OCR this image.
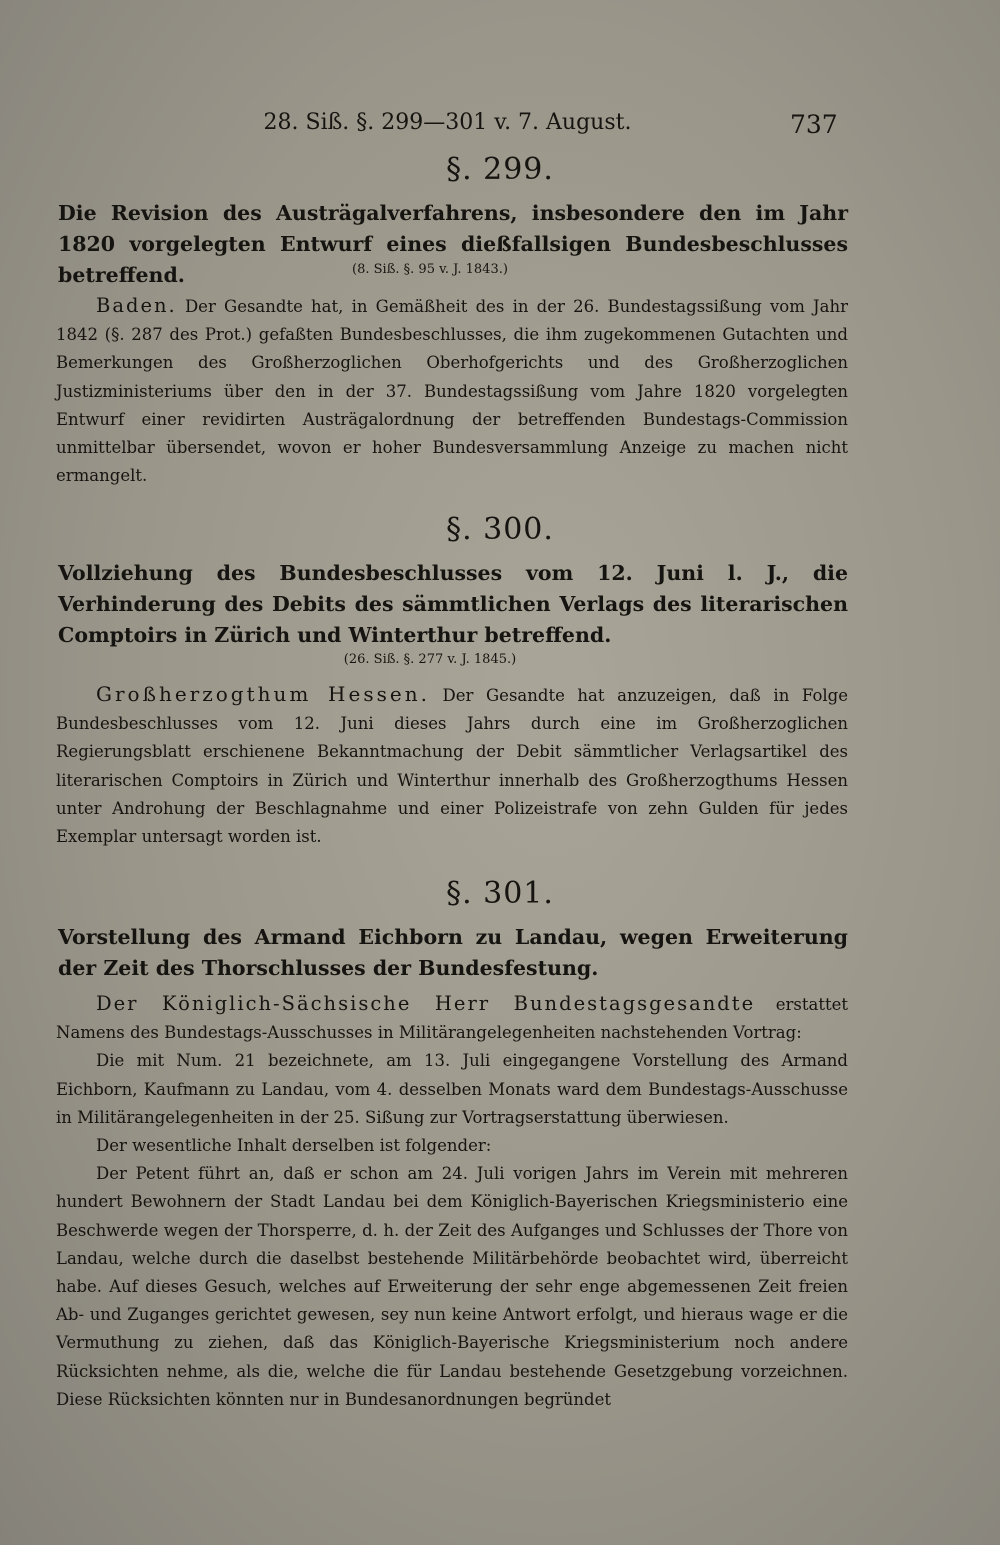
28. Siß. §. 299—301 v. 7. August.	737
§. 299.
Die Revision des Austrägalverfahrens, insbesondere den im Jahr 1820 vorgelegten Entwurf eines dießfallsigen Bundesbeschlusses betreffend.	(8. Siß. §. 95 v. J. 1843.)

Baden. Der Gesandte hat, in Gemäßheit des in der 26. Bundestagssißung vom Jahr 1842 (§. 287 des Prot.) gefaßten Bundesbeschlusses, die ihm zugekommenen Gutachten und Bemerkungen des Großherzoglichen Oberhofgerichts und des Großherzoglichen Justizministeriums über den in der 37. Bundestagssißung vom Jahre 1820 vorgelegten Entwurf einer revidirten Austrägalordnung der betreffenden Bundestags-Commission unmittelbar übersendet, wovon er hoher Bundesversammlung Anzeige zu machen nicht ermangelt.

§. 300.
Vollziehung des Bundesbeschlusses vom 12. Juni l. J., die Verhinderung des Debits des sämmtlichen Verlags des literarischen Comptoirs in Zürich und Winterthur betreffend.
(26. Siß. §. 277 v. J. 1845.)

Großherzogthum Hessen. Der Gesandte hat anzuzeigen, daß in Folge Bundesbeschlusses vom 12. Juni dieses Jahrs durch eine im Großherzoglichen Regierungsblatt erschienene Bekanntmachung der Debit sämmtlicher Verlagsartikel des literarischen Comptoirs in Zürich und Winterthur innerhalb des Großherzogthums Hessen unter Androhung der Beschlagnahme und einer Polizeistrafe von zehn Gulden für jedes Exemplar untersagt worden ist.

§. 301.
Vorstellung des Armand Eichborn zu Landau, wegen Erweiterung der Zeit des Thorschlusses der Bundesfestung.

Der Königlich-Sächsische Herr Bundestagsgesandte erstattet Namens des Bundestags-Ausschusses in Militärangelegenheiten nachstehenden Vortrag:

Die mit Num. 21 bezeichnete, am 13. Juli eingegangene Vorstellung des Armand Eichborn, Kaufmann zu Landau, vom 4. desselben Monats ward dem Bundestags-Ausschusse in Militärangelegenheiten in der 25. Sißung zur Vortragserstattung überwiesen.

Der wesentliche Inhalt derselben ist folgender:

Der Petent führt an, daß er schon am 24. Juli vorigen Jahrs im Verein mit mehreren hundert Bewohnern der Stadt Landau bei dem Königlich-Bayerischen Kriegsministerio eine Beschwerde wegen der Thorsperre, d. h. der Zeit des Aufganges und Schlusses der Thore von Landau, welche durch die daselbst bestehende Militärbehörde beobachtet wird, überreicht habe. Auf dieses Gesuch, welches auf Erweiterung der sehr enge abgemessenen Zeit freien Ab- und Zuganges gerichtet gewesen, sey nun keine Antwort erfolgt, und hieraus wage er die Vermuthung zu ziehen, daß das Königlich-Bayerische Kriegsministerium noch andere Rücksichten nehme, als die, welche die für Landau bestehende Gesetzgebung vorzeichnen. Diese Rücksichten könnten nur in Bundesanordnungen begründet
